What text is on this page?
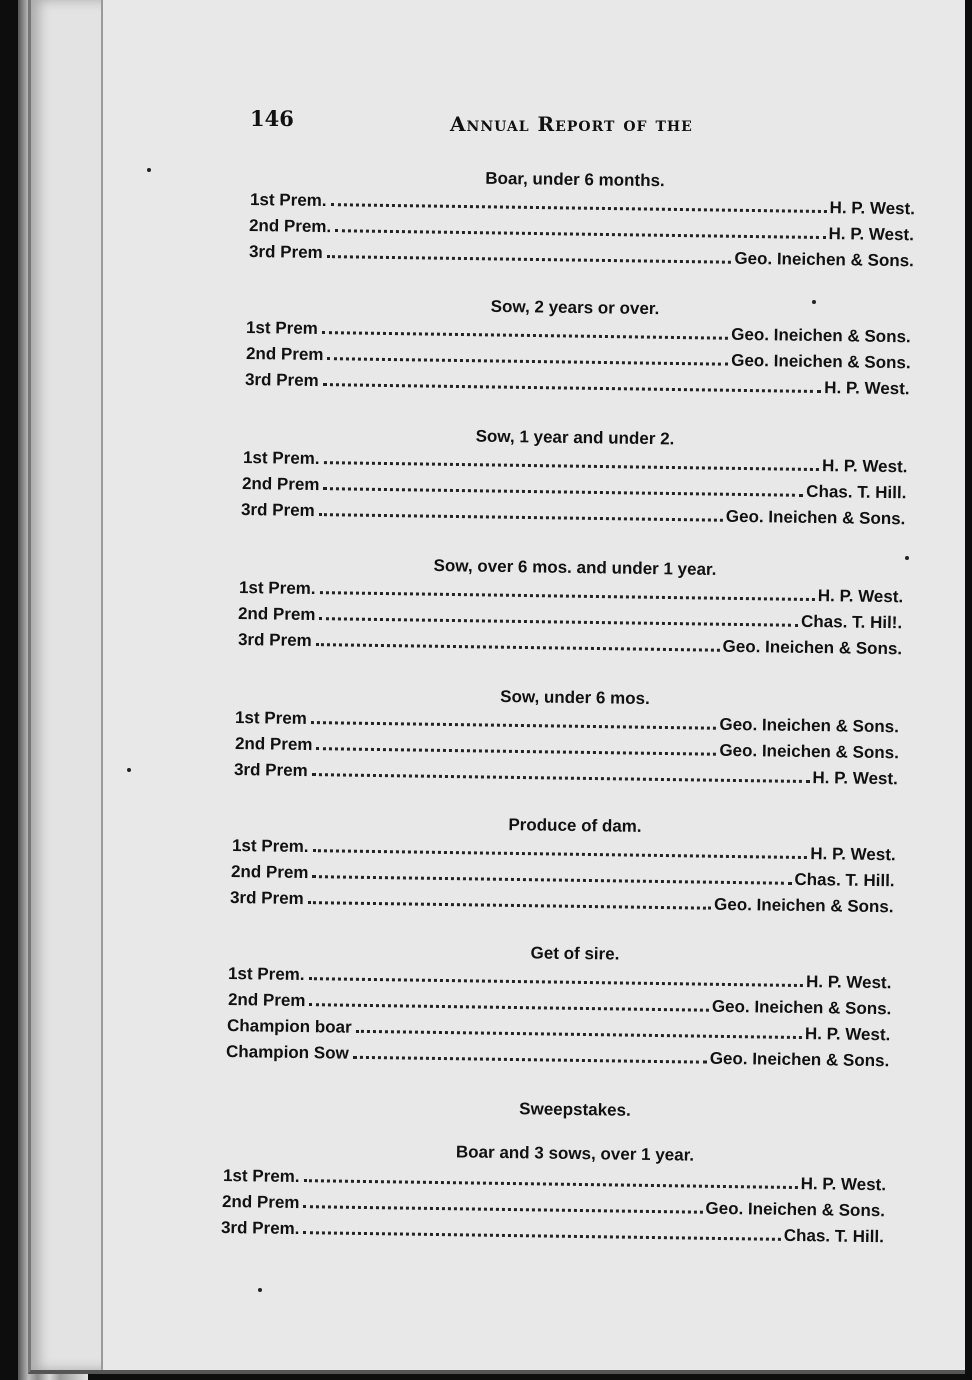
146	Annual Report of the
Boar, under 6 months.
1st Prem.	H. P. West.
2nd Prem.	H. P. West.
3rd Prem	Geo. Ineichen & Sons.
Sow, 2 years or over.
1st Prem	Geo. Ineichen & Sons.
2nd Prem	Geo. Ineichen & Sons.
3rd Prem	H. P. West.
Sow, 1 year and under 2.
1st Prem.	H. P. West.
2nd Prem	Chas. T. Hill.
3rd Prem	Geo. Ineichen & Sons.
Sow, over 6 mos. and under 1 year.
1st Prem.	H. P. West.
2nd Prem	Chas. T. Hil!.
3rd Prem	Geo. Ineichen & Sons.
Sow, under 6 mos.
1st Prem	Geo. Ineichen & Sons.
2nd Prem	Geo. Ineichen & Sons.
3rd Prem	H. P. West.
Produce of dam.
1st Prem.	H. P. West.
2nd Prem	Chas. T. Hill.
3rd Prem	Geo. Ineichen & Sons.
Get of sire.
1st Prem.	H. P. West.
2nd Prem	Geo. Ineichen & Sons.
Champion boar	H. P. West.
Champion Sow	Geo. Ineichen & Sons.
Sweepstakes.
Boar and 3 sows, over 1 year.
1st Prem.	H. P. West.
2nd Prem	Geo. Ineichen & Sons.
3rd Prem.	Chas. T. Hill.
